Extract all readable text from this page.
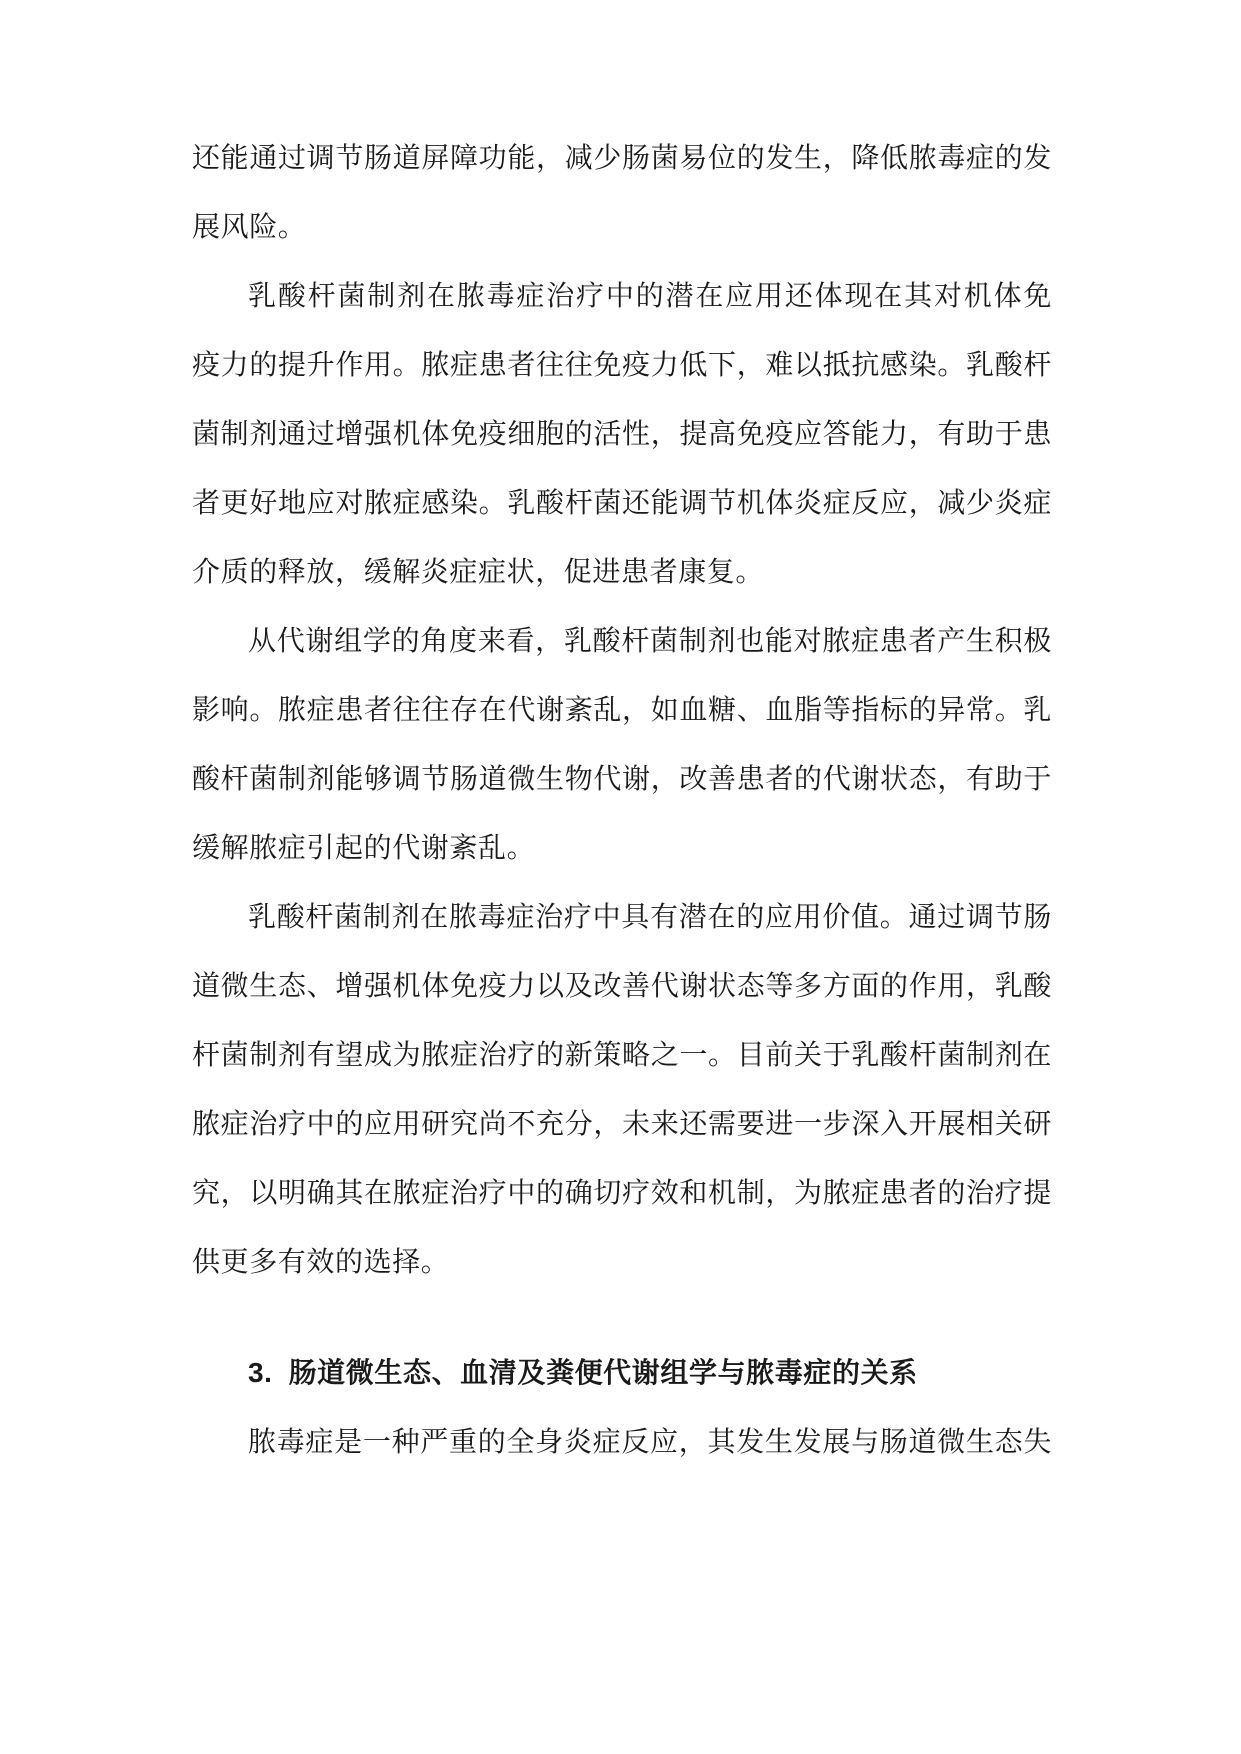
还能通过调节肠道屏障功能，减少肠菌易位的发生，降低脓毒症的发
展风险。
乳酸杆菌制剂在脓毒症治疗中的潜在应用还体现在其对机体免
疫力的提升作用。脓症患者往往免疫力低下，难以抵抗感染。乳酸杆
菌制剂通过增强机体免疫细胞的活性，提高免疫应答能力，有助于患
者更好地应对脓症感染。乳酸杆菌还能调节机体炎症反应，减少炎症
介质的释放，缓解炎症症状，促进患者康复。
从代谢组学的角度来看，乳酸杆菌制剂也能对脓症患者产生积极
影响。脓症患者往往存在代谢紊乱，如血糖、血脂等指标的异常。乳
酸杆菌制剂能够调节肠道微生物代谢，改善患者的代谢状态，有助于
缓解脓症引起的代谢紊乱。
乳酸杆菌制剂在脓毒症治疗中具有潜在的应用价值。通过调节肠
道微生态、增强机体免疫力以及改善代谢状态等多方面的作用，乳酸
杆菌制剂有望成为脓症治疗的新策略之一。目前关于乳酸杆菌制剂在
脓症治疗中的应用研究尚不充分，未来还需要进一步深入开展相关研
究，以明确其在脓症治疗中的确切疗效和机制，为脓症患者的治疗提
供更多有效的选择。
3. 肠道微生态、血清及粪便代谢组学与脓毒症的关系
脓毒症是一种严重的全身炎症反应，其发生发展与肠道微生态失
